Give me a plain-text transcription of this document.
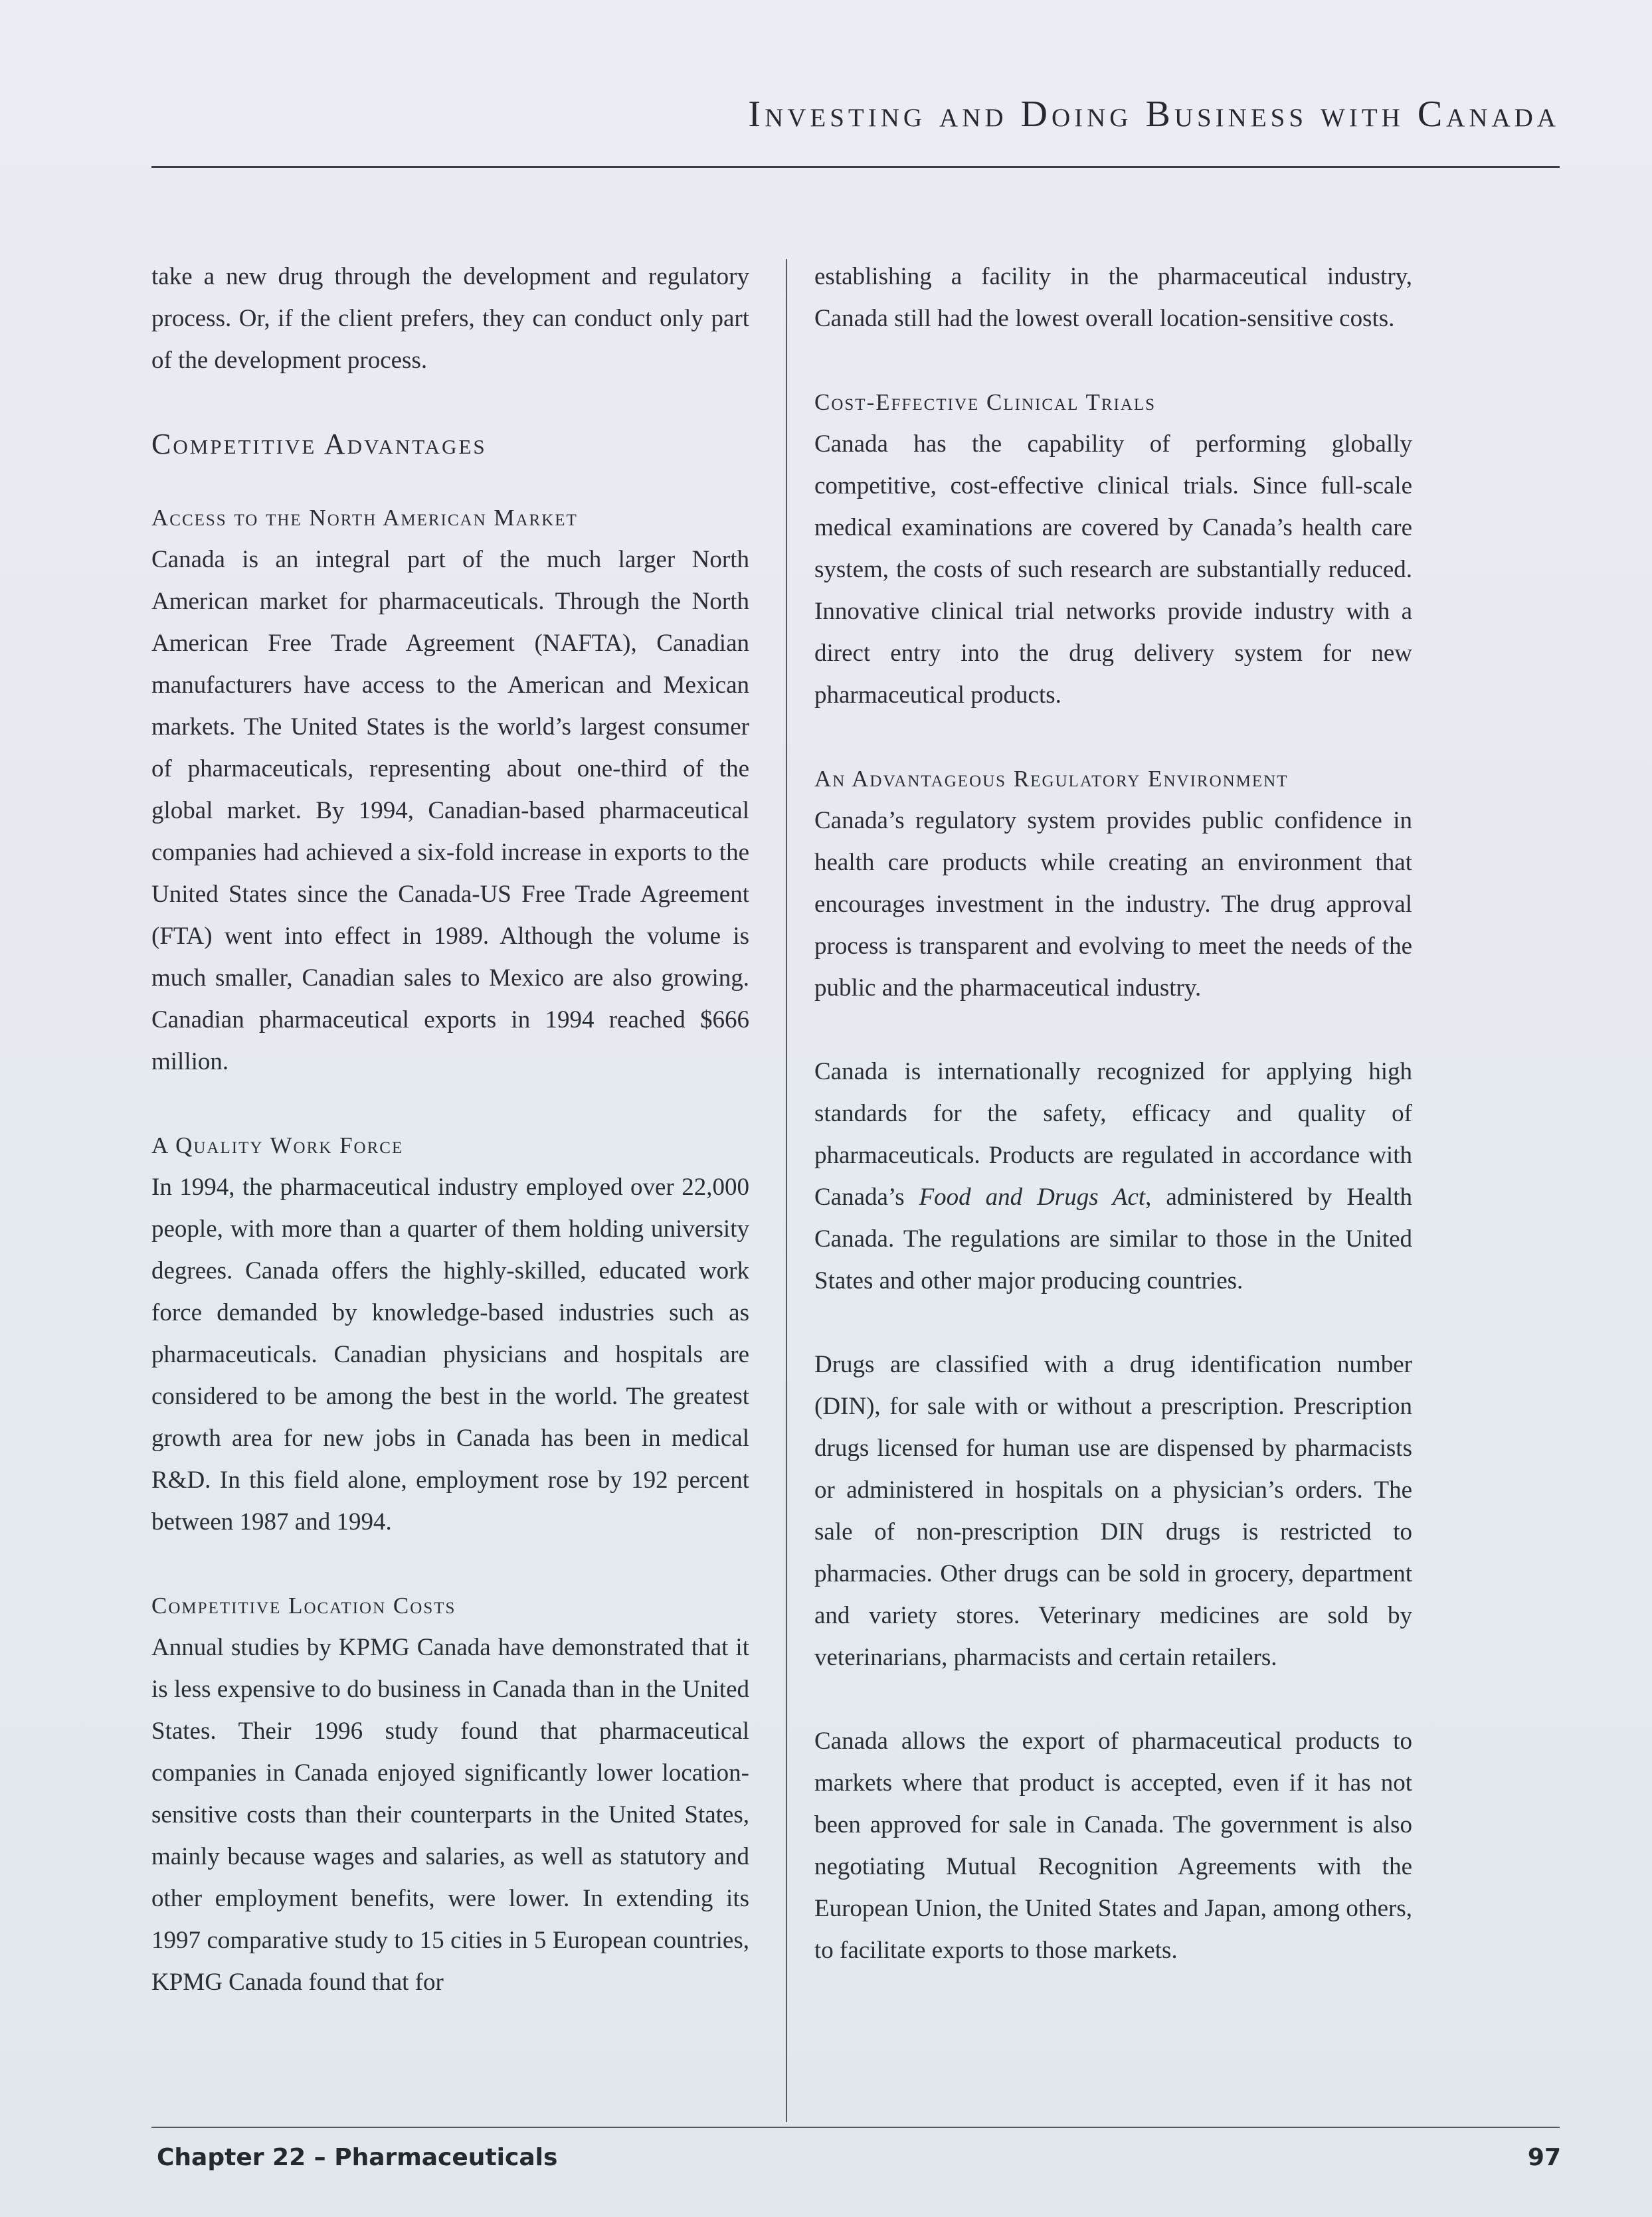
Investing and Doing Business with Canada

take a new drug through the development and regulatory process. Or, if the client prefers, they can conduct only part of the development process.

Competitive Advantages
Access to the North American Market

Canada is an integral part of the much larger North American market for pharmaceuticals. Through the North American Free Trade Agreement (NAFTA), Canadian manufacturers have access to the American and Mexican markets. The United States is the world’s largest consumer of pharmaceuticals, representing about one-third of the global market. By 1994, Canadian-based pharmaceutical companies had achieved a six-fold increase in exports to the United States since the Canada-US Free Trade Agreement (FTA) went into effect in 1989. Although the volume is much smaller, Canadian sales to Mexico are also growing. Canadian pharmaceutical exports in 1994 reached $666 million.

A Quality Work Force

In 1994, the pharmaceutical industry employed over 22,000 people, with more than a quarter of them holding university degrees. Canada offers the highly-skilled, educated work force demanded by knowledge-based industries such as pharmaceuticals. Canadian physicians and hospitals are considered to be among the best in the world. The greatest growth area for new jobs in Canada has been in medical R&D. In this field alone, employment rose by 192 percent between 1987 and 1994.

Competitive Location Costs

Annual studies by KPMG Canada have demonstrated that it is less expensive to do business in Canada than in the United States. Their 1996 study found that pharmaceutical companies in Canada enjoyed significantly lower location-sensitive costs than their counterparts in the United States, mainly because wages and salaries, as well as statutory and other employment benefits, were lower. In extending its 1997 comparative study to 15 cities in 5 European countries, KPMG Canada found that for

establishing a facility in the pharmaceutical industry, Canada still had the lowest overall location-sensitive costs.

Cost-Effective Clinical Trials

Canada has the capability of performing globally competitive, cost-effective clinical trials. Since full-scale medical examinations are covered by Canada’s health care system, the costs of such research are substantially reduced. Innovative clinical trial networks provide industry with a direct entry into the drug delivery system for new pharmaceutical products.

An Advantageous Regulatory Environment

Canada’s regulatory system provides public confidence in health care products while creating an environment that encourages investment in the industry. The drug approval process is transparent and evolving to meet the needs of the public and the pharmaceutical industry.

Canada is internationally recognized for applying high standards for the safety, efficacy and quality of pharmaceuticals. Products are regulated in accordance with Canada’s Food and Drugs Act, administered by Health Canada. The regulations are similar to those in the United States and other major producing countries.

Drugs are classified with a drug identification number (DIN), for sale with or without a prescription. Prescription drugs licensed for human use are dispensed by pharmacists or administered in hospitals on a physician’s orders. The sale of non-prescription DIN drugs is restricted to pharmacies. Other drugs can be sold in grocery, department and variety stores. Veterinary medicines are sold by veterinarians, pharmacists and certain retailers.

Canada allows the export of pharmaceutical products to markets where that product is accepted, even if it has not been approved for sale in Canada. The government is also negotiating Mutual Recognition Agreements with the European Union, the United States and Japan, among others, to facilitate exports to those markets.

Chapter 22 – Pharmaceuticals	97
